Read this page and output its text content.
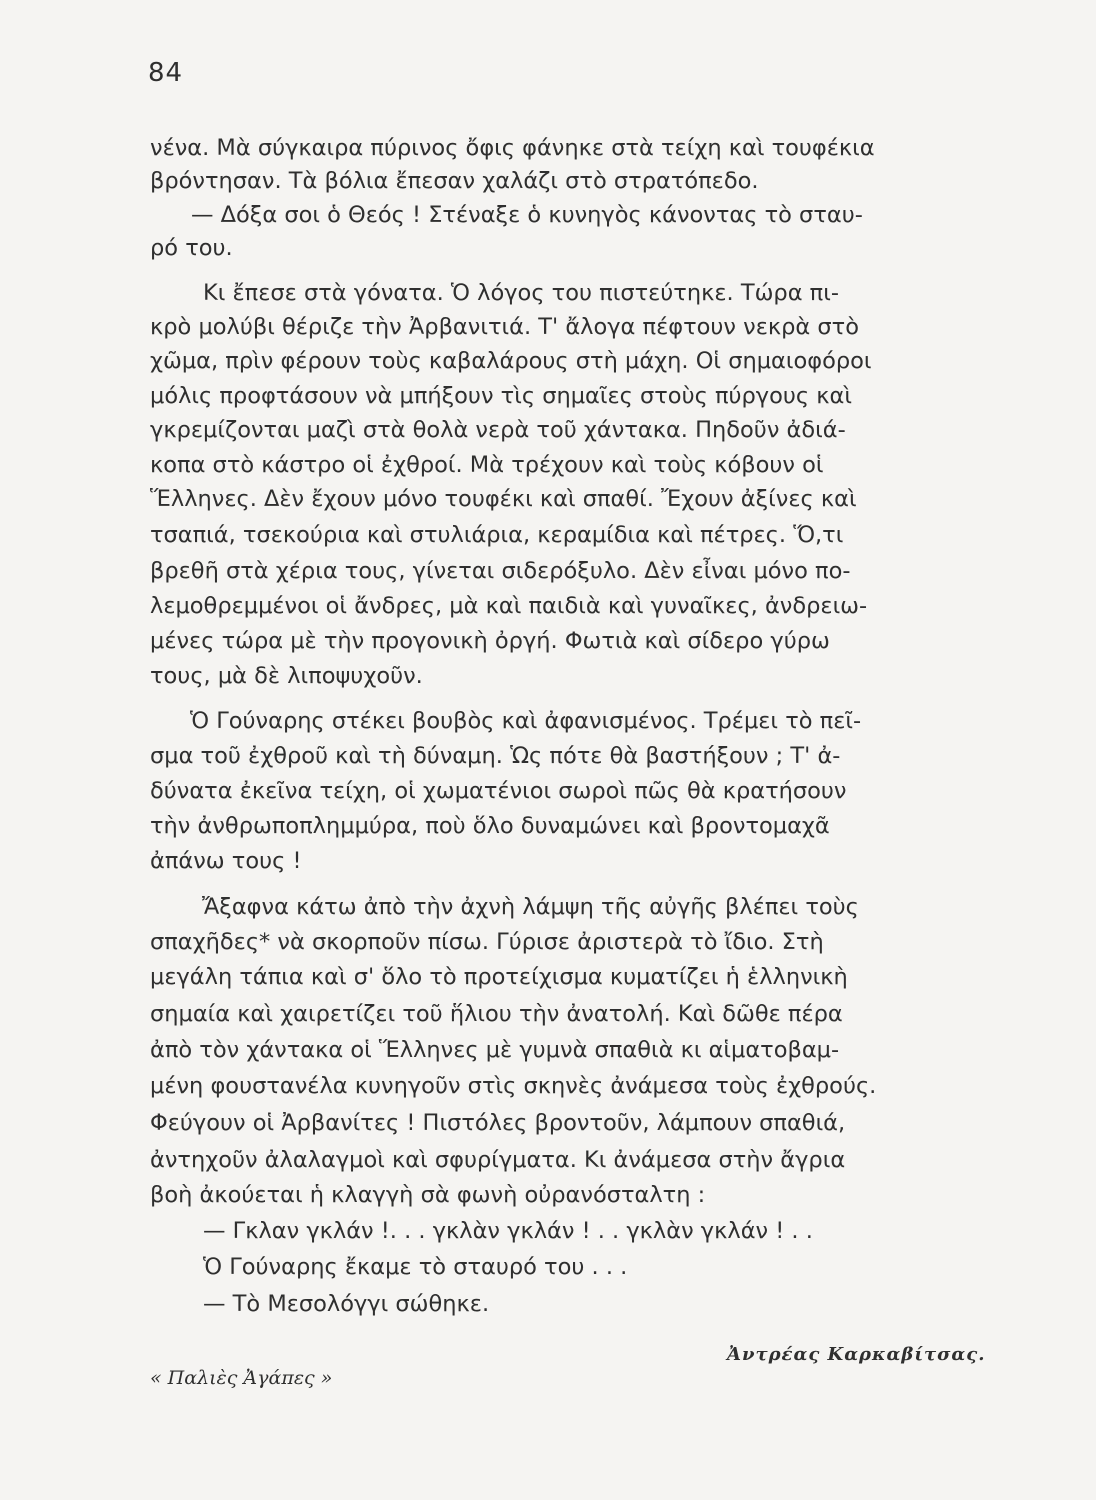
84
νένα. Μὰ σύγκαιρα πύρινος ὄφις φάνηκε στὰ τείχη καὶ τουφέκια
βρόντησαν. Τὰ βόλια ἔπεσαν χαλάζι στὸ στρατόπεδο.
— Δόξα σοι ὁ Θεός ! Στέναξε ὁ κυνηγὸς κάνοντας τὸ σταυ-
ρό του.
Κι ἔπεσε στὰ γόνατα. Ὁ λόγος του πιστεύτηκε. Τώρα πι-
κρὸ μολύβι θέριζε τὴν Ἀρβανιτιά. Τ' ἄλογα πέφτουν νεκρὰ στὸ
χῶμα, πρὶν φέρουν τοὺς καβαλάρους στὴ μάχη. Οἱ σημαιοφόροι
μόλις προφτάσουν νὰ μπήξουν τὶς σημαῖες στοὺς πύργους καὶ
γκρεμίζονται μαζὶ στὰ θολὰ νερὰ τοῦ χάντακα. Πηδοῦν ἀδιά-
κοπα στὸ κάστρο οἱ ἐχθροί. Μὰ τρέχουν καὶ τοὺς κόβουν οἱ
Ἕλληνες. Δὲν ἔχουν μόνο τουφέκι καὶ σπαθί. Ἔχουν ἀξίνες καὶ
τσαπιά, τσεκούρια καὶ στυλιάρια, κεραμίδια καὶ πέτρες. Ὅ,τι
βρεθῆ στὰ χέρια τους, γίνεται σιδερόξυλο. Δὲν εἶναι μόνο πο-
λεμοθρεμμένοι οἱ ἄνδρες, μὰ καὶ παιδιὰ καὶ γυναῖκες, ἀνδρειω-
μένες τώρα μὲ τὴν προγονικὴ ὀργή. Φωτιὰ καὶ σίδερο γύρω
τους, μὰ δὲ λιποψυχοῦν.
Ὁ Γούναρης στέκει βουβὸς καὶ ἀφανισμένος. Τρέμει τὸ πεῖ-
σμα τοῦ ἐχθροῦ καὶ τὴ δύναμη. Ὡς πότε θὰ βαστήξουν ; Τ' ἀ-
δύνατα ἐκεῖνα τείχη, οἱ χωματένιοι σωροὶ πῶς θὰ κρατήσουν
τὴν ἀνθρωποπλημμύρα, ποὺ ὅλο δυναμώνει καὶ βροντομαχᾶ
ἀπάνω τους !
Ἄξαφνα κάτω ἀπὸ τὴν ἀχνὴ λάμψη τῆς αὐγῆς βλέπει τοὺς
σπαχῆδες* νὰ σκορποῦν πίσω. Γύρισε ἀριστερὰ τὸ ἴδιο. Στὴ
μεγάλη τάπια καὶ σ' ὅλο τὸ προτείχισμα κυματίζει ἡ ἑλληνικὴ
σημαία καὶ χαιρετίζει τοῦ ἥλιου τὴν ἀνατολή. Καὶ δῶθε πέρα
ἀπὸ τὸν χάντακα οἱ Ἕλληνες μὲ γυμνὰ σπαθιὰ κι αἱματοβαμ-
μένη φουστανέλα κυνηγοῦν στὶς σκηνὲς ἀνάμεσα τοὺς ἐχθρούς.
Φεύγουν οἱ Ἀρβανίτες ! Πιστόλες βροντοῦν, λάμπουν σπαθιά,
ἀντηχοῦν ἀλαλαγμοὶ καὶ σφυρίγματα. Κι ἀνάμεσα στὴν ἄγρια
βοὴ ἀκούεται ἡ κλαγγὴ σὰ φωνὴ οὐρανόσταλτη :
— Γκλαν γκλάν !. . . γκλὰν γκλάν ! . . γκλὰν γκλάν ! . .
Ὁ Γούναρης ἔκαμε τὸ σταυρό του . . .
— Τὸ Μεσολόγγι σώθηκε.
Ἀντρέας Καρκαβίτσας.
« Παλιὲς Ἀγάπες »
